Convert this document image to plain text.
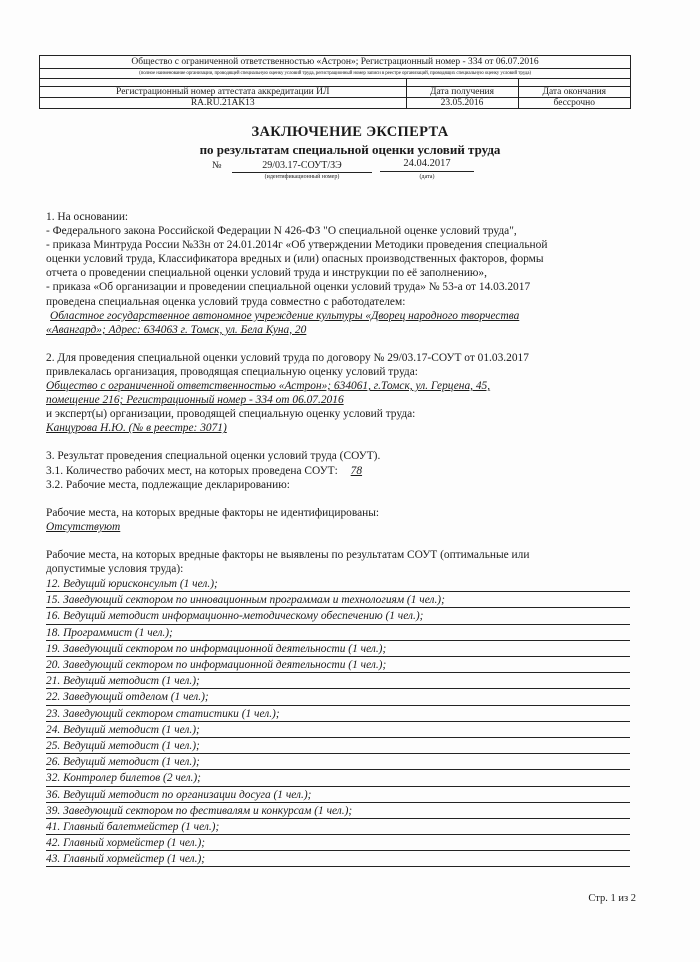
Общество с ограниченной ответственностью «Астрон»; Регистрационный номер - 334 от 06.07.2016
(полное наименование организации, проводящей специальную оценку условий труда, регистрационный номер записи в реестре организаций, проводящих специальную оценку условий труда)

Регистрационный номер аттестата аккредитации ИЛ	Дата получения	Дата окончания
RA.RU.21AK13	23.05.2016	бессрочно
ЗАКЛЮЧЕНИЕ ЭКСПЕРТА
по результатам специальной оценки условий труда
№	29/03.17-СОУТ/ЗЭ	24.04.2017
(идентификационный номер)	(дата)

1. На основании:

- Федерального закона Российской Федерации N 426-ФЗ "О специальной оценке условий труда",

- приказа Минтруда России №33н от 24.01.2014г «Об утверждении Методики проведения специальной

оценки условий труда, Классификатора вредных и (или) опасных производственных факторов, формы

отчета о проведении специальной оценки условий труда и инструкции по её заполнению»,

- приказа «Об организации и проведении специальной оценки условий труда» № 53-а от 14.03.2017

проведена специальная оценка условий труда совместно с работодателем:

Областное государственное автономное учреждение культуры «Дворец народного творчества

«Авангард»; Адрес: 634063 г. Томск, ул. Бела Куна, 20

2. Для проведения специальной оценки условий труда по договору № 29/03.17-СОУТ от 01.03.2017

привлекалась организация, проводящая специальную оценку условий труда:

Общество с ограниченной ответственностью «Астрон»; 634061, г.Томск, ул. Герцена, 45,

помещение 216; Регистрационный номер - 334 от 06.07.2016

и эксперт(ы) организации, проводящей специальную оценку условий труда:

Канцурова Н.Ю. (№ в реестре: 3071)

3. Результат проведения специальной оценки условий труда (СОУТ).

3.1. Количество рабочих мест, на которых проведена СОУТ: 78

3.2. Рабочие места, подлежащие декларированию:

Рабочие места, на которых вредные факторы не идентифицированы:

Отсутствуют

Рабочие места, на которых вредные факторы не выявлены по результатам СОУТ (оптимальные или

допустимые условия труда):

12. Ведущий юрисконсульт (1 чел.);
15. Заведующий сектором по инновационным программам и технологиям (1 чел.);
16. Ведущий методист информационно-методическому обеспечению (1 чел.);
18. Программист (1 чел.);
19. Заведующий сектором по информационной деятельности (1 чел.);
20. Заведующий сектором по информационной деятельности (1 чел.);
21. Ведущий методист (1 чел.);
22. Заведующий отделом (1 чел.);
23. Заведующий сектором статистики (1 чел.);
24. Ведущий методист (1 чел.);
25. Ведущий методист (1 чел.);
26. Ведущий методист (1 чел.);
32. Контролер билетов (2 чел.);
36. Ведущий методист по организации досуга (1 чел.);
39. Заведующий сектором по фестивалям и конкурсам (1 чел.);
41. Главный балетмейстер (1 чел.);
42. Главный хормейстер (1 чел.);
43. Главный хормейстер (1 чел.);
Стр. 1 из 2
